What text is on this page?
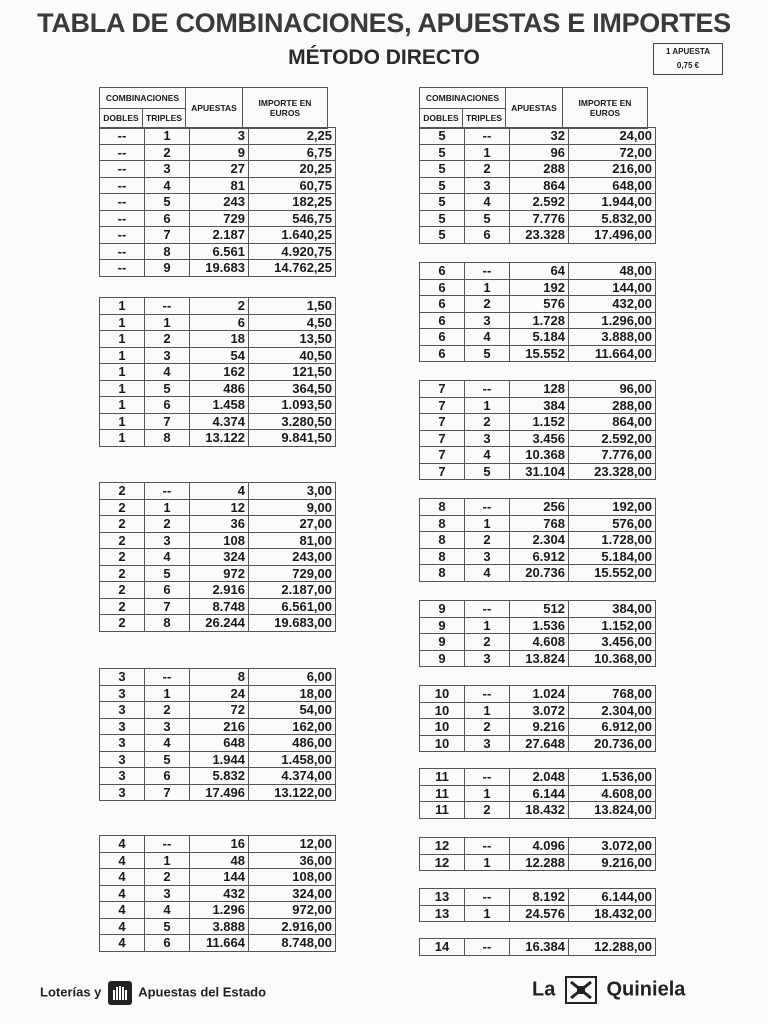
TABLA DE COMBINACIONES, APUESTAS E IMPORTES
MÉTODO DIRECTO	1 APUESTA
0,75 €
COMBINACIONES		APUESTAS	IMPORTE EN EUROS
DOBLES	TRIPLES		
COMBINACIONES		APUESTAS	IMPORTE EN EUROS
DOBLES	TRIPLES		
--	1	3	2,25
--	2	9	6,75
--	3	27	20,25
--	4	81	60,75
--	5	243	182,25
--	6	729	546,75
--	7	2.187	1.640,25
--	8	6.561	4.920,75
--	9	19.683	14.762,25
1	--	2	1,50
1	1	6	4,50
1	2	18	13,50
1	3	54	40,50
1	4	162	121,50
1	5	486	364,50
1	6	1.458	1.093,50
1	7	4.374	3.280,50
1	8	13.122	9.841,50
2	--	4	3,00
2	1	12	9,00
2	2	36	27,00
2	3	108	81,00
2	4	324	243,00
2	5	972	729,00
2	6	2.916	2.187,00
2	7	8.748	6.561,00
2	8	26.244	19.683,00
3	--	8	6,00
3	1	24	18,00
3	2	72	54,00
3	3	216	162,00
3	4	648	486,00
3	5	1.944	1.458,00
3	6	5.832	4.374,00
3	7	17.496	13.122,00
4	--	16	12,00
4	1	48	36,00
4	2	144	108,00
4	3	432	324,00
4	4	1.296	972,00
4	5	3.888	2.916,00
4	6	11.664	8.748,00
5	--	32	24,00
5	1	96	72,00
5	2	288	216,00
5	3	864	648,00
5	4	2.592	1.944,00
5	5	7.776	5.832,00
5	6	23.328	17.496,00
6	--	64	48,00
6	1	192	144,00
6	2	576	432,00
6	3	1.728	1.296,00
6	4	5.184	3.888,00
6	5	15.552	11.664,00
7	--	128	96,00
7	1	384	288,00
7	2	1.152	864,00
7	3	3.456	2.592,00
7	4	10.368	7.776,00
7	5	31.104	23.328,00
8	--	256	192,00
8	1	768	576,00
8	2	2.304	1.728,00
8	3	6.912	5.184,00
8	4	20.736	15.552,00
9	--	512	384,00
9	1	1.536	1.152,00
9	2	4.608	3.456,00
9	3	13.824	10.368,00
10	--	1.024	768,00
10	1	3.072	2.304,00
10	2	9.216	6.912,00
10	3	27.648	20.736,00
11	--	2.048	1.536,00
11	1	6.144	4.608,00
11	2	18.432	13.824,00
12	--	4.096	3.072,00
12	1	12.288	9.216,00
13	--	8.192	6.144,00
13	1	24.576	18.432,00
14	--	16.384	12.288,00
Loterías y	Apuestas del Estado	La	Quiniela
